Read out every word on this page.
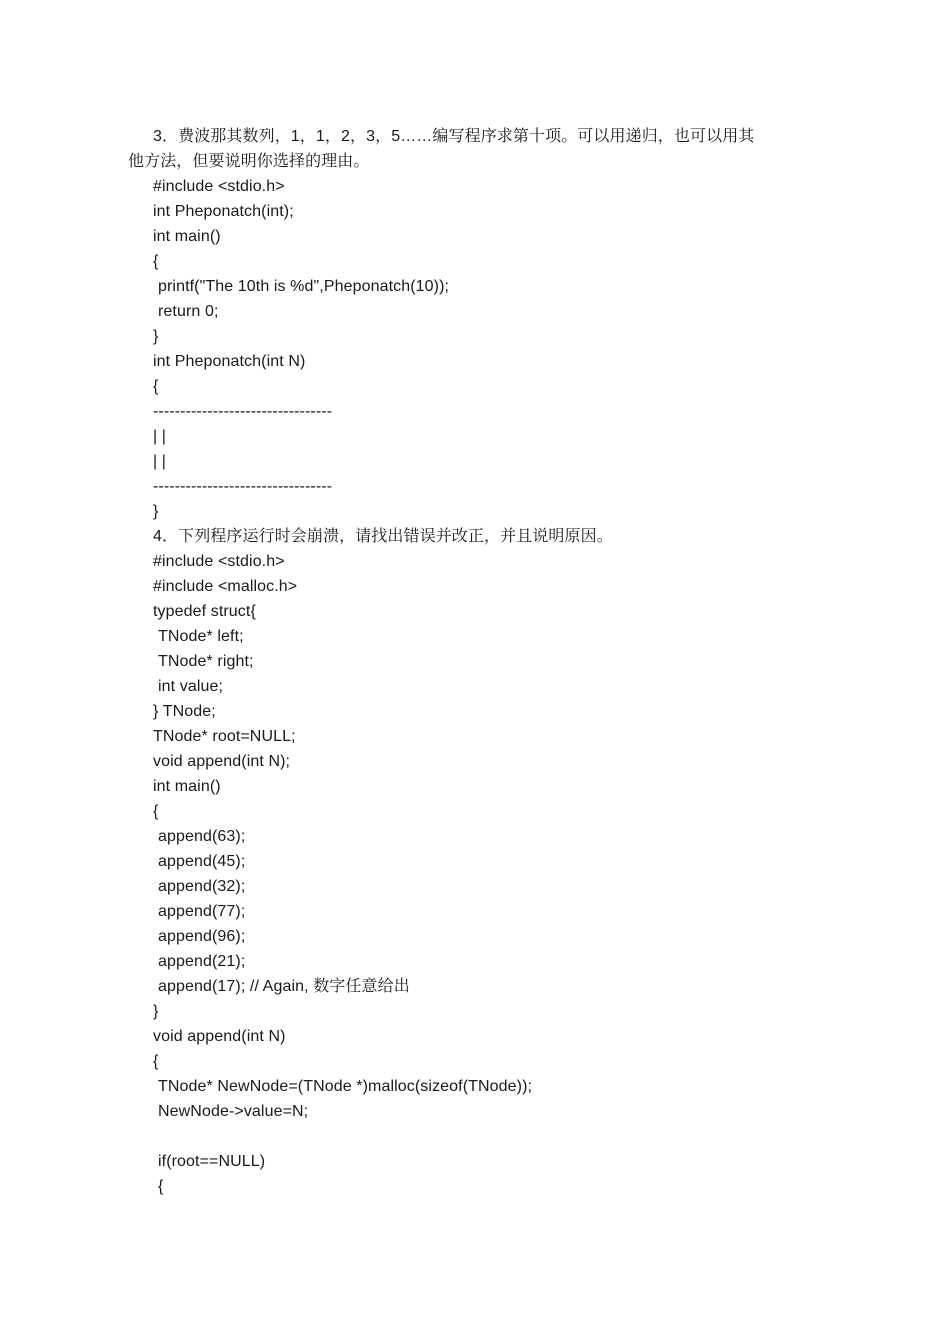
3．费波那其数列，1，1，2，3，5……编写程序求第十项。可以用递归，也可以用其
他方法，但要说明你选择的理由。
#include <stdio.h>
int Pheponatch(int);
int main()
{
printf("The 10th is %d",Pheponatch(10));
return 0;
}
int Pheponatch(int N)
{
---------------------------------
| |
| |
---------------------------------
}
4．下列程序运行时会崩溃，请找出错误并改正，并且说明原因。
#include <stdio.h>
#include <malloc.h>
typedef struct{
TNode* left;
TNode* right;
int value;
} TNode;
TNode* root=NULL;
void append(int N);
int main()
{
append(63);
append(45);
append(32);
append(77);
append(96);
append(21);
append(17); // Again, 数字任意给出
}
void append(int N)
{
TNode* NewNode=(TNode *)malloc(sizeof(TNode));
NewNode->value=N;
if(root==NULL)
{
